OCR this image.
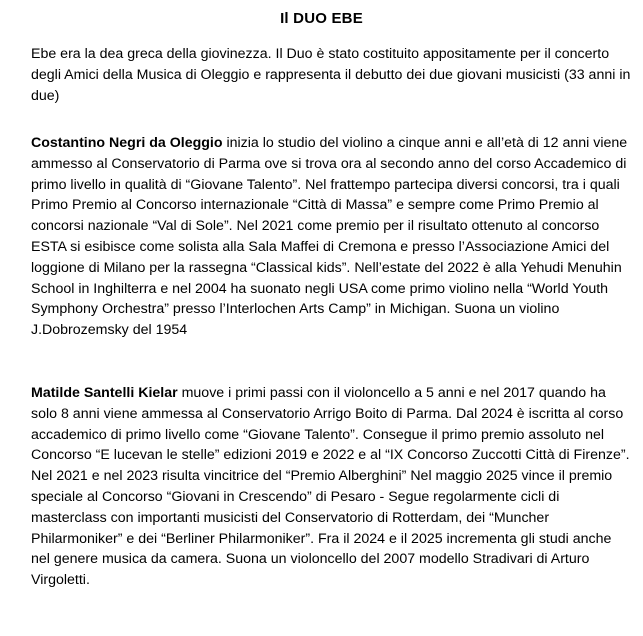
Il DUO EBE

Ebe era la dea greca della giovinezza. Il Duo è stato costituito appositamente per il concerto degli Amici della Musica di Oleggio e rappresenta il debutto dei due giovani musicisti (33 anni in due)

Costantino Negri da Oleggio inizia lo studio del violino a cinque anni e all’età di 12 anni viene ammesso al Conservatorio di Parma ove si trova ora al secondo anno del corso Accademico di primo livello in qualità di “Giovane Talento”. Nel frattempo partecipa diversi concorsi, tra i quali Primo Premio al Concorso internazionale “Città di Massa” e sempre come Primo Premio al concorsi nazionale “Val di Sole”. Nel 2021 come premio per il risultato ottenuto al concorso ESTA si esibisce come solista alla Sala Maffei di Cremona e presso l’Associazione Amici del loggione di Milano per la rassegna “Classical kids”. Nell’estate del 2022 è alla Yehudi Menuhin School in Inghilterra e nel 2004 ha suonato negli USA come primo violino nella “World Youth Symphony Orchestra” presso l’Interlochen Arts Camp” in Michigan. Suona un violino J.Dobrozemsky del 1954

Matilde Santelli Kielar muove i primi passi con il violoncello a 5 anni e nel 2017 quando ha solo 8 anni viene ammessa al Conservatorio Arrigo Boito di Parma. Dal 2024 è iscritta al corso accademico di primo livello come “Giovane Talento”. Consegue il primo premio assoluto nel Concorso “E lucevan le stelle” edizioni 2019 e 2022 e al “IX Concorso Zuccotti Città di Firenze”. Nel 2021 e nel 2023 risulta vincitrice del “Premio Alberghini” Nel maggio 2025 vince il premio speciale al Concorso “Giovani in Crescendo” di Pesaro - Segue regolarmente cicli di masterclass con importanti musicisti del Conservatorio di Rotterdam, dei “Muncher Philarmoniker” e dei “Berliner Philarmoniker”. Fra il 2024 e il 2025 incrementa gli studi anche nel genere musica da camera. Suona un violoncello del 2007 modello Stradivari di Arturo Virgoletti.
